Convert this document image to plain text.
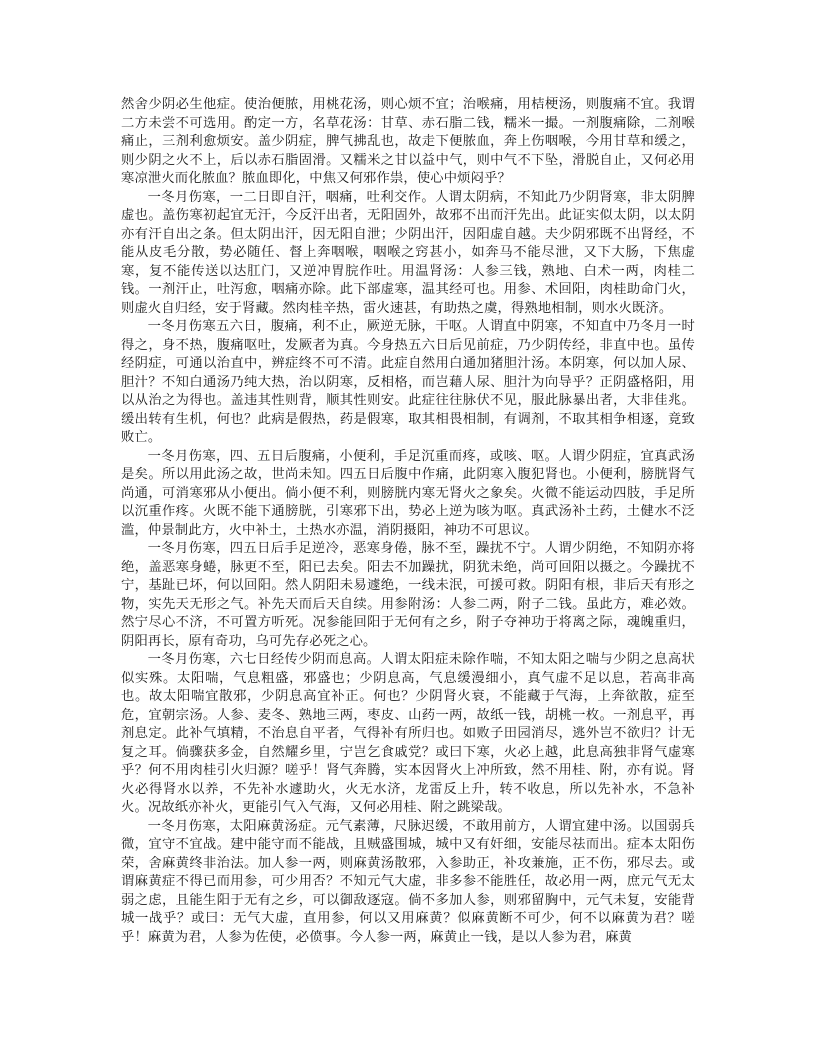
然舍少阴必生他症。使治便脓，用桃花汤，则心烦不宜；治喉痛，用桔梗汤，则腹痛不宜。我谓二方未尝不可选用。酌定一方，名草花汤：甘草、赤石脂二钱，糯米一撮。一剂腹痛除，二剂喉痛止，三剂利愈烦安。盖少阴症，脾气拂乱也，故走下便脓血，奔上伤咽喉，今用甘草和缓之，则少阴之火不上，后以赤石脂固滑。又糯米之甘以益中气，则中气不下坠，滑脱自止，又何必用寒凉泄火而化脓血？脓血即化，中焦又何邪作祟，使心中烦闷乎？

一冬月伤寒，一二日即自汗，咽痛，吐利交作。人谓太阴病，不知此乃少阴肾寒，非太阴脾虚也。盖伤寒初起宜无汗，今反汗出者，无阳固外，故邪不出而汗先出。此证实似太阴，以太阴亦有汗自出之条。但太阴出汗，因无阳自泄；少阴出汗，因阳虚自越。夫少阴邪既不出肾经，不能从皮毛分散，势必随任、督上奔咽喉，咽喉之窍甚小，如奔马不能尽泄，又下大肠，下焦虚寒，复不能传送以达肛门，又逆冲胃脘作吐。用温肾汤：人参三钱，熟地、白术一两，肉桂二钱。一剂汗止，吐泻愈，咽痛亦除。此下部虚寒，温其经可也。用参、术回阳，肉桂助命门火，则虚火自归经，安于肾藏。然肉桂辛热，雷火速甚，有助热之虞，得熟地相制，则水火既济。

一冬月伤寒五六日，腹痛，利不止，厥逆无脉，干呕。人谓直中阴寒，不知直中乃冬月一时得之，身不热，腹痛呕吐，发厥者为真。今身热五六日后见前症，乃少阴传经，非直中也。虽传经阴症，可通以治直中，辨症终不可不清。此症自然用白通加猪胆汁汤。本阴寒，何以加人尿、胆汁？不知白通汤乃纯大热，治以阴寒，反相格，而岂藉人尿、胆汁为向导乎？正阴盛格阳，用以从治之为得也。盖违其性则背，顺其性则安。此症往往脉伏不见，服此脉暴出者，大非佳兆。缓出转有生机，何也？此病是假热，药是假寒，取其相畏相制，有调剂，不取其相争相逐，竟致败亡。

一冬月伤寒，四、五日后腹痛，小便利，手足沉重而疼，或咳、呕。人谓少阴症，宜真武汤是矣。所以用此汤之故，世尚未知。四五日后腹中作痛，此阴寒入腹犯肾也。小便利，膀胱肾气尚通，可消寒邪从小便出。倘小便不利，则膀胱内寒无肾火之象矣。火微不能运动四肢，手足所以沉重作疼。火既不能下通膀胱，引寒邪下出，势必上逆为咳为呕。真武汤补土药，土健水不泛滥，仲景制此方，火中补土，土热水亦温，消阴摄阳，神功不可思议。

一冬月伤寒，四五日后手足逆冷，恶寒身倦，脉不至，躁扰不宁。人谓少阴绝，不知阴亦将绝，盖恶寒身蜷，脉更不至，阳已去矣。阳去不加躁扰，阴犹未绝，尚可回阳以摄之。今躁扰不宁，基趾已坏，何以回阳。然人阴阳未易遽绝，一线未泯，可援可救。阴阳有根，非后天有形之物，实先天无形之气。补先天而后天自续。用参附汤：人参二两，附子二钱。虽此方，难必效。然宁尽心不济，不可置方听死。况参能回阳于无何有之乡，附子夺神功于将离之际，魂魄重归，阴阳再长，原有奇功，乌可先存必死之心。

一冬月伤寒，六七日经传少阴而息高。人谓太阳症未除作喘，不知太阳之喘与少阴之息高状似实殊。太阳喘，气息粗盛，邪盛也；少阴息高，气息缓漫细小，真气虚不足以息，若高非高也。故太阳喘宜散邪，少阴息高宜补正。何也？少阴肾火衰，不能藏于气海，上奔欲散，症至危，宜朝宗汤。人参、麦冬、熟地三两，枣皮、山药一两，故纸一钱，胡桃一枚。一剂息平，再剂息定。此补气填精，不治息自平者，气得补有所归也。如败子田园消尽，逃外岂不欲归？计无复之耳。倘骤获多金，自然耀乡里，宁岂乞食戚党？或曰下寒，火必上越，此息高独非肾气虚寒乎？何不用肉桂引火归源？嗟乎！肾气奔腾，实本因肾火上冲所致，然不用桂、附，亦有说。肾火必得肾水以养，不先补水遽助火，火无水济，龙雷反上升，转不收息，所以先补水，不急补火。况故纸亦补火，更能引气入气海，又何必用桂、附之跳梁哉。

一冬月伤寒，太阳麻黄汤症。元气素薄，尺脉迟缓，不敢用前方，人谓宜建中汤。以国弱兵微，宜守不宜战。建中能守而不能战，且贼盛围城，城中又有奸细，安能尽祛而出。症本太阳伤荣，舍麻黄终非治法。加人参一两，则麻黄汤散邪，入参助正，补攻兼施，正不伤，邪尽去。或谓麻黄症不得已而用参，可少用否？不知元气大虚，非多参不能胜任，故必用一两，庶元气无太弱之虑，且能生阳于无有之乡，可以御敌逐寇。倘不多加人参，则邪留胸中，元气未复，安能背城一战乎？或曰：无气大虚，直用参，何以又用麻黄？似麻黄断不可少，何不以麻黄为君？嗟乎！麻黄为君，人参为佐使，必偾事。今人参一两，麻黄止一钱，是以人参为君，麻黄
